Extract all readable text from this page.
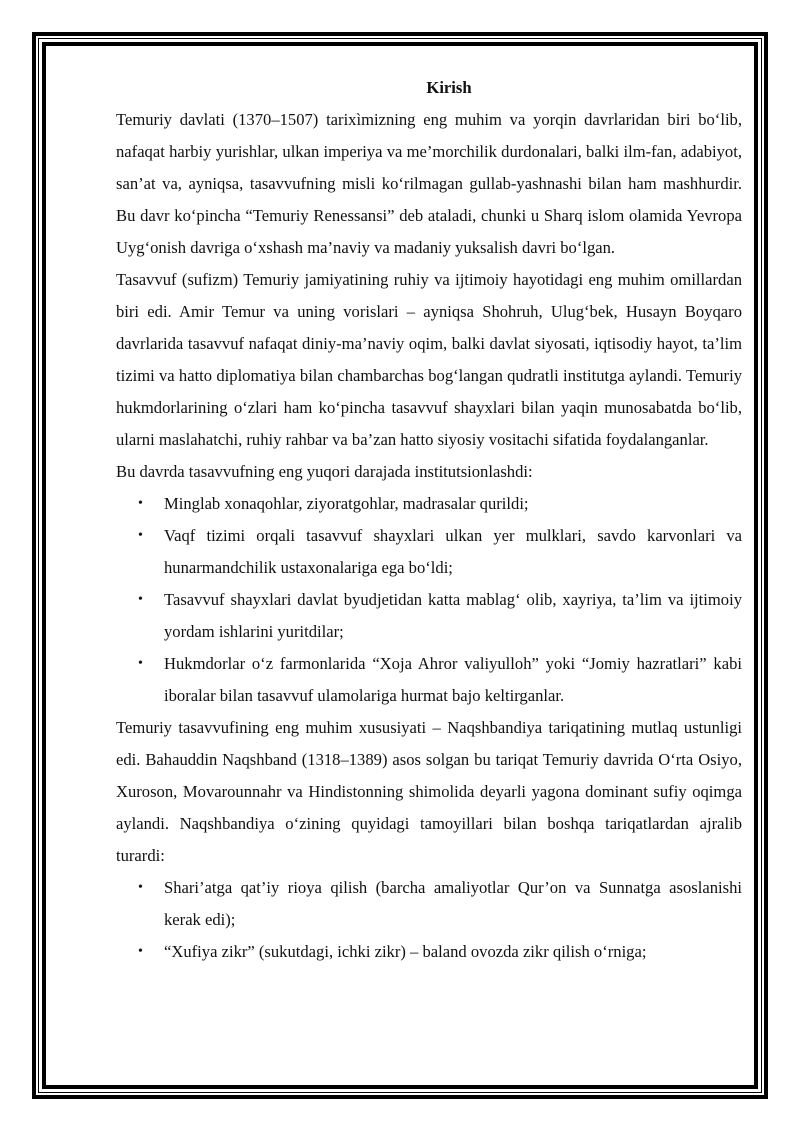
Kirish

Temuriy davlati (1370–1507) tarixìmizning eng muhim va yorqin davrlaridan biri bo‘lib, nafaqat harbiy yurishlar, ulkan imperiya va me’morchilik durdonalari, balki ilm-fan, adabiyot, san’at va, ayniqsa, tasavvufning misli ko‘rilmagan gullab-yashnashi bilan ham mashhurdir. Bu davr ko‘pincha “Temuriy Renessansi” deb ataladi, chunki u Sharq islom olamida Yevropa Uyg‘onish davriga o‘xshash ma’naviy va madaniy yuksalish davri bo‘lgan.

Tasavvuf (sufizm) Temuriy jamiyatining ruhiy va ijtimoiy hayotidagi eng muhim omillardan biri edi. Amir Temur va uning vorislari – ayniqsa Shohruh, Ulug‘bek, Husayn Boyqaro davrlarida tasavvuf nafaqat diniy-ma’naviy oqim, balki davlat siyosati, iqtisodiy hayot, ta’lim tizimi va hatto diplomatiya bilan chambarchas bog‘langan qudratli institutga aylandi. Temuriy hukmdorlarining o‘zlari ham ko‘pincha tasavvuf shayxlari bilan yaqin munosabatda bo‘lib, ularni maslahatchi, ruhiy rahbar va ba’zan hatto siyosiy vositachi sifatida foydalanganlar.

Bu davrda tasavvufning eng yuqori darajada institutsionlashdi:

• Minglab xonaqohlar, ziyoratgohlar, madrasalar qurildi;
• Vaqf tizimi orqali tasavvuf shayxlari ulkan yer mulklari, savdo karvonlari va hunarmandchilik ustaxonalariga ega bo‘ldi;
• Tasavvuf shayxlari davlat byudjetidan katta mablag‘ olib, xayriya, ta’lim va ijtimoiy yordam ishlarini yuritdilar;
• Hukmdorlar o‘z farmonlarida “Xoja Ahror valiyulloh” yoki “Jomiy hazratlari” kabi iboralar bilan tasavvuf ulamolariga hurmat bajo keltirganlar.

Temuriy tasavvufining eng muhim xususiyati – Naqshbandiya tariqatining mutlaq ustunligi edi. Bahauddin Naqshband (1318–1389) asos solgan bu tariqat Temuriy davrida O‘rta Osiyo, Xuroson, Movarounnahr va Hindistonning shimolida deyarli yagona dominant sufiy oqimga aylandi. Naqshbandiya o‘zining quyidagi tamoyillari bilan boshqa tariqatlardan ajralib turardi:

• Shari’atga qat’iy rioya qilish (barcha amaliyotlar Qur’on va Sunnatga asoslanishi kerak edi);
• “Xufiya zikr” (sukutdagi, ichki zikr) – baland ovozda zikr qilish o‘rniga;
